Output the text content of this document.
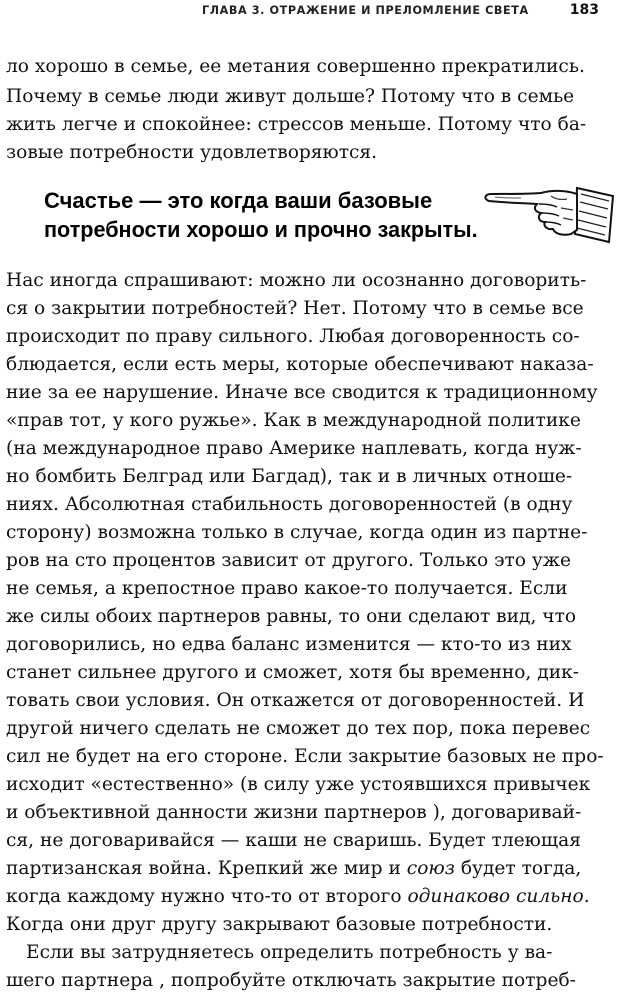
ГЛАВА 3. ОТРАЖЕНИЕ И ПРЕЛОМЛЕНИЕ СВЕТА	183
ло хорошо в семье, ее метания совершенно прекратились.
Почему в семье люди живут дольше? Потому что в семье
жить легче и спокойнее: стрессов меньше. Потому что ба-
зовые потребности удовлетворяются.
Счастье — это когда ваши базовые
потребности хорошо и прочно закрыты.
Нас иногда спрашивают: можно ли осознанно договорить-
ся о закрытии потребностей? Нет. Потому что в семье все
происходит по праву сильного. Любая договоренность со-
блюдается, если есть меры, которые обеспечивают наказа-
ние за ее нарушение. Иначе все сводится к традиционному
«прав тот, у кого ружье». Как в международной политике
(на международное право Америке наплевать, когда нуж-
но бомбить Белград или Багдад), так и в личных отноше-
ниях. Абсолютная стабильность договоренностей (в одну
сторону) возможна только в случае, когда один из партне-
ров на сто процентов зависит от другого. Только это уже
не семья, а крепостное право какое-то получается. Если
же силы обоих партнеров равны, то они сделают вид, что
договорились, но едва баланс изменится — кто-то из них
станет сильнее другого и сможет, хотя бы временно, дик-
товать свои условия. Он откажется от договоренностей. И
другой ничего сделать не сможет до тех пор, пока перевес
сил не будет на его стороне. Если закрытие базовых не про-
исходит «естественно» (в силу уже устоявшихся привычек
и объективной данности жизни партнеров ), договаривай-
ся, не договаривайся — каши не сваришь. Будет тлеющая
партизанская война. Крепкий же мир и союз будет тогда,
когда каждому нужно что-то от второго одинаково сильно.
Когда они друг другу закрывают базовые потребности.
Если вы затрудняетесь определить потребность у ва-
шего партнера , попробуйте отключать закрытие потреб-
